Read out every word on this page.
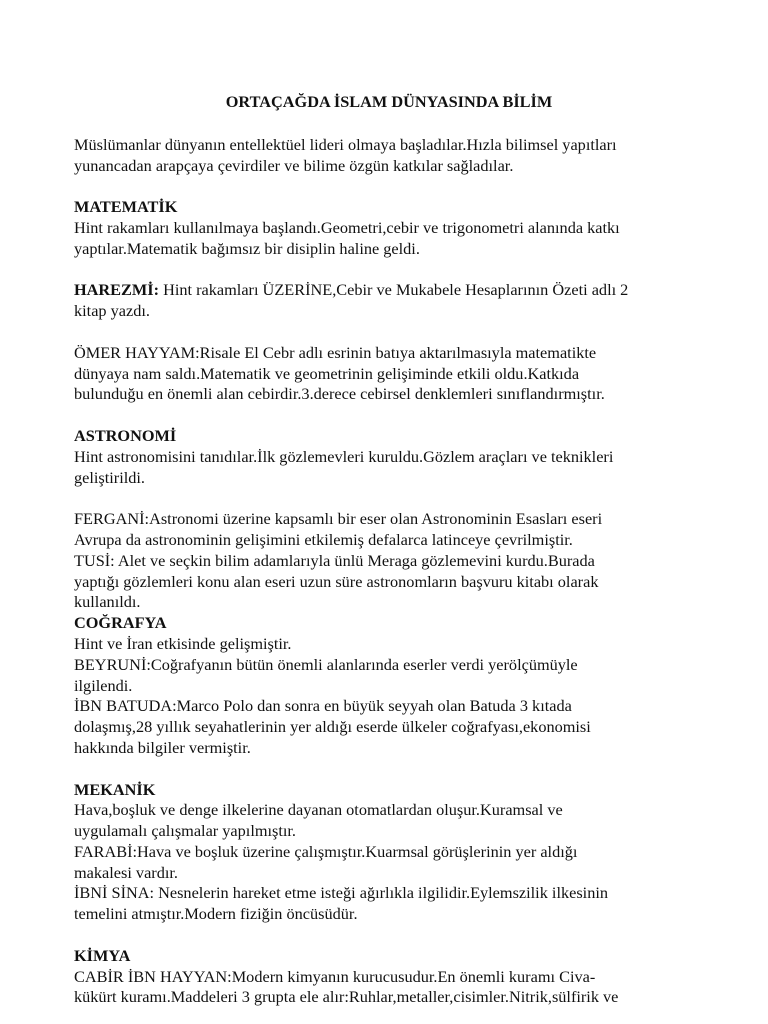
ORTAÇAĞDA İSLAM DÜNYASINDA BİLİM
Müslümanlar dünyanın entellektüel lideri olmaya başladılar.Hızla bilimsel yapıtları
yunancadan arapçaya çevirdiler ve bilime özgün katkılar sağladılar.
MATEMATİK
Hint rakamları kullanılmaya başlandı.Geometri,cebir ve trigonometri alanında katkı
yaptılar.Matematik bağımsız bir disiplin haline geldi.
HAREZMİ: Hint rakamları ÜZERİNE,Cebir ve Mukabele Hesaplarının Özeti adlı 2
kitap yazdı.
ÖMER HAYYAM:Risale El Cebr adlı esrinin batıya aktarılmasıyla matematikte
dünyaya nam saldı.Matematik ve geometrinin gelişiminde etkili oldu.Katkıda
bulunduğu en önemli alan cebirdir.3.derece cebirsel denklemleri sınıflandırmıştır.
ASTRONOMİ
Hint astronomisini tanıdılar.İlk gözlemevleri kuruldu.Gözlem araçları ve teknikleri
geliştirildi.
FERGANİ:Astronomi üzerine kapsamlı bir eser olan Astronominin Esasları eseri
Avrupa da astronominin gelişimini etkilemiş defalarca latinceye çevrilmiştir.
TUSİ: Alet ve seçkin bilim adamlarıyla ünlü Meraga gözlemevini kurdu.Burada
yaptığı gözlemleri konu alan eseri uzun süre astronomların başvuru kitabı olarak
kullanıldı.
COĞRAFYA
Hint ve İran etkisinde gelişmiştir.
BEYRUNİ:Coğrafyanın bütün önemli alanlarında eserler verdi yerölçümüyle
ilgilendi.
İBN BATUDA:Marco Polo dan sonra en büyük seyyah olan Batuda 3 kıtada
dolaşmış,28 yıllık seyahatlerinin yer aldığı eserde ülkeler coğrafyası,ekonomisi
hakkında bilgiler vermiştir.
MEKANİK
Hava,boşluk ve denge ilkelerine dayanan otomatlardan oluşur.Kuramsal ve
uygulamalı çalışmalar yapılmıştır.
FARABİ:Hava ve boşluk üzerine çalışmıştır.Kuarmsal görüşlerinin yer aldığı
makalesi vardır.
İBNİ SİNA: Nesnelerin hareket etme isteği ağırlıkla ilgilidir.Eylemszilik ilkesinin
temelini atmıştır.Modern fiziğin öncüsüdür.
KİMYA
CABİR İBN HAYYAN:Modern kimyanın kurucusudur.En önemli kuramı Civa-
kükürt kuramı.Maddeleri 3 grupta ele alır:Ruhlar,metaller,cisimler.Nitrik,sülfirik ve
